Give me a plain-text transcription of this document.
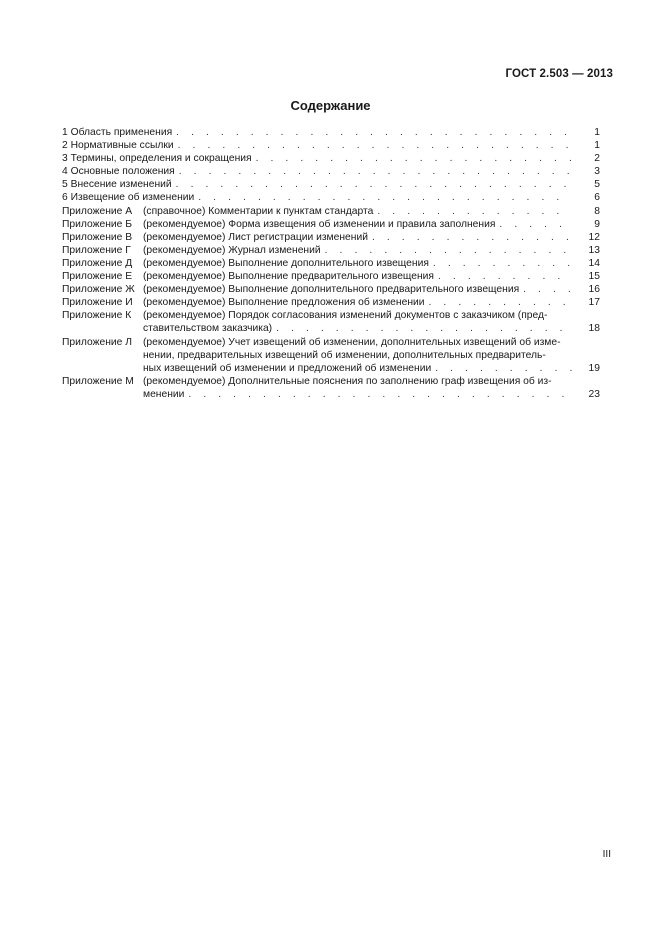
ГОСТ 2.503 — 2013
Содержание
1 Область применения . . .	1
2 Нормативные ссылки . . .	1
3 Термины, определения и сокращения . . .	2
4 Основные положения . . .	3
5 Внесение изменений . . .	5
6 Извещение об изменении . . .	6
Приложение А	(справочное) Комментарии к пунктам стандарта . . .	8
Приложение Б	(рекомендуемое) Форма извещения об изменении и правила заполнения . . .	9
Приложение В	(рекомендуемое) Лист регистрации изменений . . .	12
Приложение Г	(рекомендуемое) Журнал изменений . . .	13
Приложение Д	(рекомендуемое) Выполнение дополнительного извещения . . .	14
Приложение Е	(рекомендуемое) Выполнение предварительного извещения . . .	15
Приложение Ж (рекомендуемое) Выполнение дополнительного предварительного извещения . . .	16
Приложение И	(рекомендуемое) Выполнение предложения об изменении . . .	17
Приложение К	(рекомендуемое) Порядок согласования изменений документов с заказчиком (пред-
ставительством заказчика) . . .	18
Приложение Л	(рекомендуемое) Учет извещений об изменении, дополнительных извещений об изме-
нении, предварительных извещений об изменении, дополнительных предваритель-
ных извещений об изменении и предложений об изменении . . .	19
Приложение М (рекомендуемое) Дополнительные пояснения по заполнению граф извещения об из-
менении . . .	23
III
